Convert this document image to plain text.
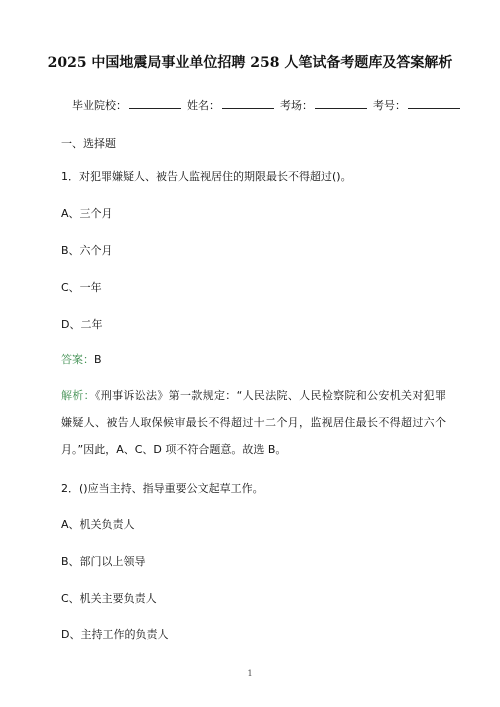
2025 中国地震局事业单位招聘 258 人笔试备考题库及答案解析
毕业院校：	姓名：	考场：	考号：
一、选择题
1．对犯罪嫌疑人、被告人监视居住的期限最长不得超过()。
A、三个月
B、六个月
C、一年
D、二年
答案：B
解析：《刑事诉讼法》第一款规定：“人民法院、人民检察院和公安机关对犯罪嫌疑人、被告人取保候审最长不得超过十二个月，监视居住最长不得超过六个月。”因此，A、C、D 项不符合题意。故选 B。
2．()应当主持、指导重要公文起草工作。
A、机关负责人
B、部门以上领导
C、机关主要负责人
D、主持工作的负责人
1
